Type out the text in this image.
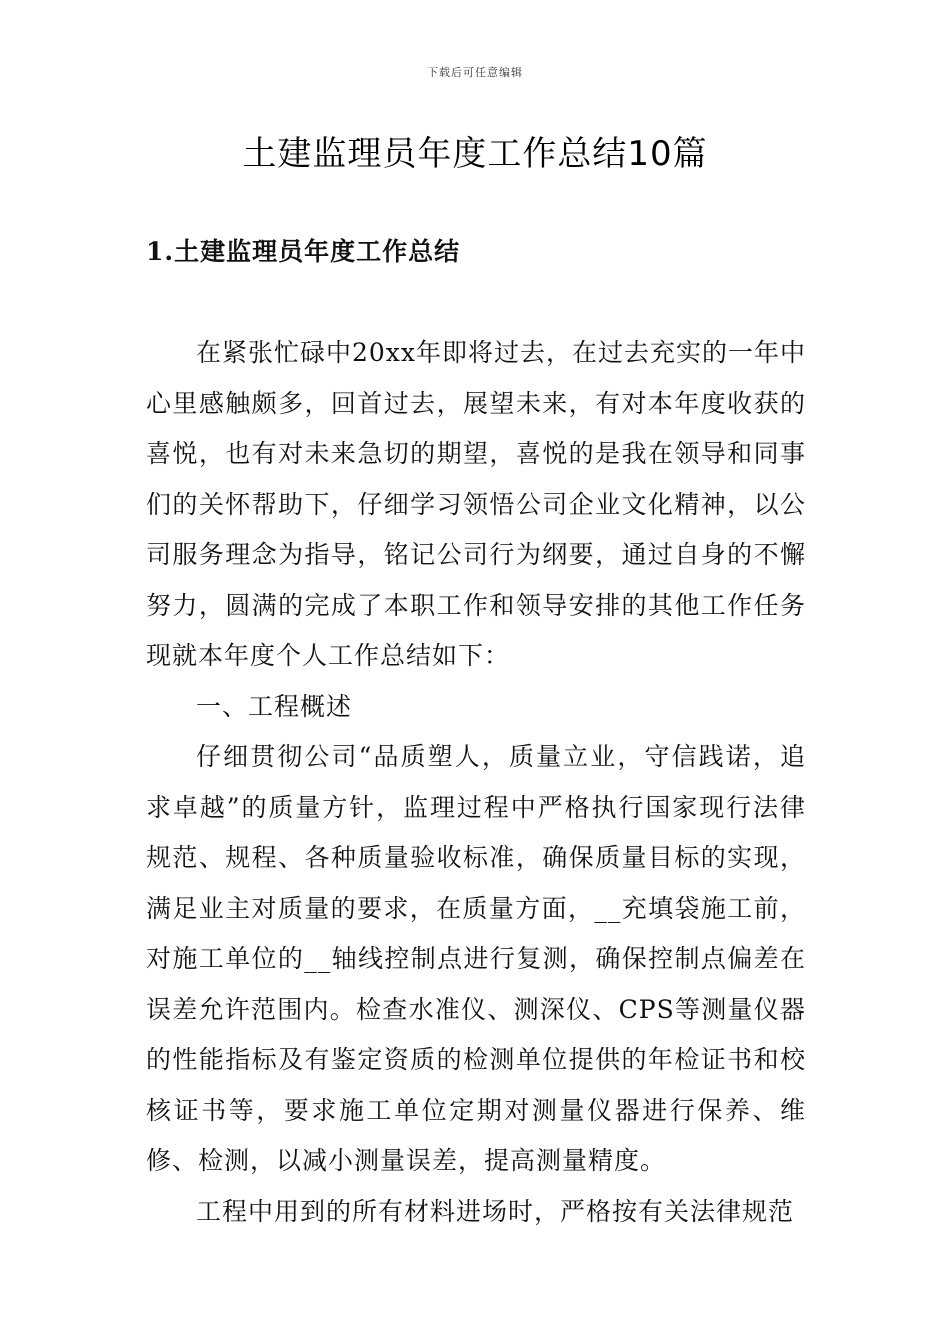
下载后可任意编辑
土建监理员年度工作总结10篇
1.土建监理员年度工作总结

在紧张忙碌中20xx年即将过去，在过去充实的一年中心里感触颇多，回首过去，展望未来，有对本年度收获的喜悦，也有对未来急切的期望，喜悦的是我在领导和同事们的关怀帮助下，仔细学习领悟公司企业文化精神，以公司服务理念为指导，铭记公司行为纲要，通过自身的不懈努力，圆满的完成了本职工作和领导安排的其他工作任务现就本年度个人工作总结如下：

一、工程概述

仔细贯彻公司“品质塑人，质量立业，守信践诺，追求卓越”的质量方针，监理过程中严格执行国家现行法律规范、规程、各种质量验收标准，确保质量目标的实现，满足业主对质量的要求，在质量方面，__充填袋施工前，对施工单位的__轴线控制点进行复测，确保控制点偏差在误差允许范围内。检查水准仪、测深仪、CPS等测量仪器的性能指标及有鉴定资质的检测单位提供的年检证书和校核证书等，要求施工单位定期对测量仪器进行保养、维修、检测，以减小测量误差，提高测量精度。

工程中用到的所有材料进场时，严格按有关法律规范
